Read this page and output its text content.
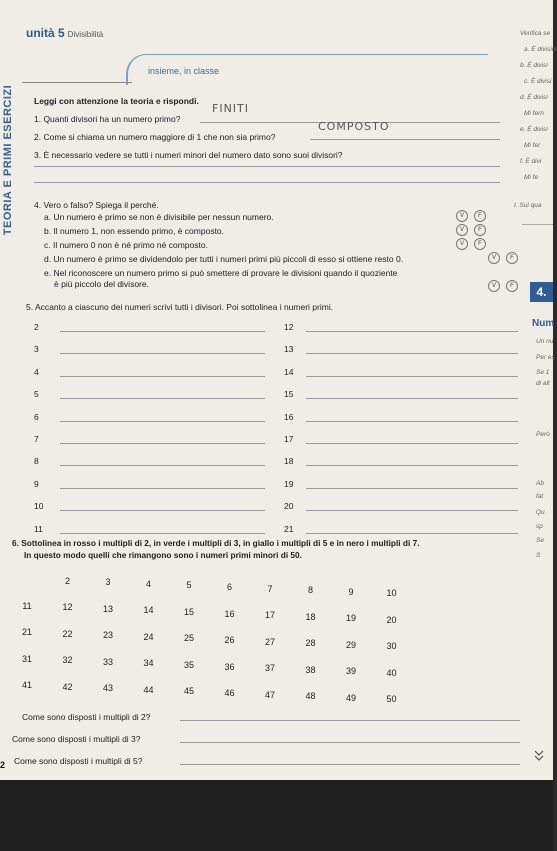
TEORIA E PRIMI ESERCIZI
unità 5 Divisibilità
insieme, in classe
Leggi con attenzione la teoria e rispondi.
1. Quanti divisori ha un numero primo?
FINITI
2. Come si chiama un numero maggiore di 1 che non sia primo?
COMPOSTO
3. È necessario vedere se tutti i numeri minori del numero dato sono suoi divisori?
4. Vero o falso? Spiega il perché.
a. Un numero è primo se non è divisibile per nessun numero.
b. Il numero 1, non essendo primo, è composto.
c. Il numero 0 non è né primo né composto.
d. Un numero è primo se dividendolo per tutti i numeri primi più piccoli di esso si ottiene resto 0.
e. Nel riconoscere un numero primo si può smettere di provare le divisioni quando il quoziente
è più piccolo del divisore.
V	F
V	F
V	F
V	F
V	F
5. Accanto a ciascuno dei numeri scrivi tutti i divisori. Poi sottolinea i numeri primi.
2
3
4
5
6
7
8
9
10
11
12
13
14
15
16
17
18
19
20
21
6. Sottolinea in rosso i multipli di 2, in verde i multipli di 3, in giallo i multipli di 5 e in nero i multipli di 7.
In questo modo quelli che rimangono sono i numeri primi minori di 50.
2	3	4	5	6	7	8	9	10
11	12	13	14	15	16	17	18	19	20
21	22	23	24	25	26	27	28	29	30
31	32	33	34	35	36	37	38	39	40
41	42	43	44	45	46	47	48	49	50
Come sono disposti i multipli di 2?
Come sono disposti i multipli di 3?
Come sono disposti i multipli di 5?
2
Verifica se
a. È divisibi
b. È divisi
c. È divisi
d. È divisi
Mi fern
e. È divisi
Mi fer
f. È divi
Mi fe
I. Sui qua
4.
Num
Un nu
Per es
Se 1
di alt
Però
Ab
fat
Qu
sp
Se
S
